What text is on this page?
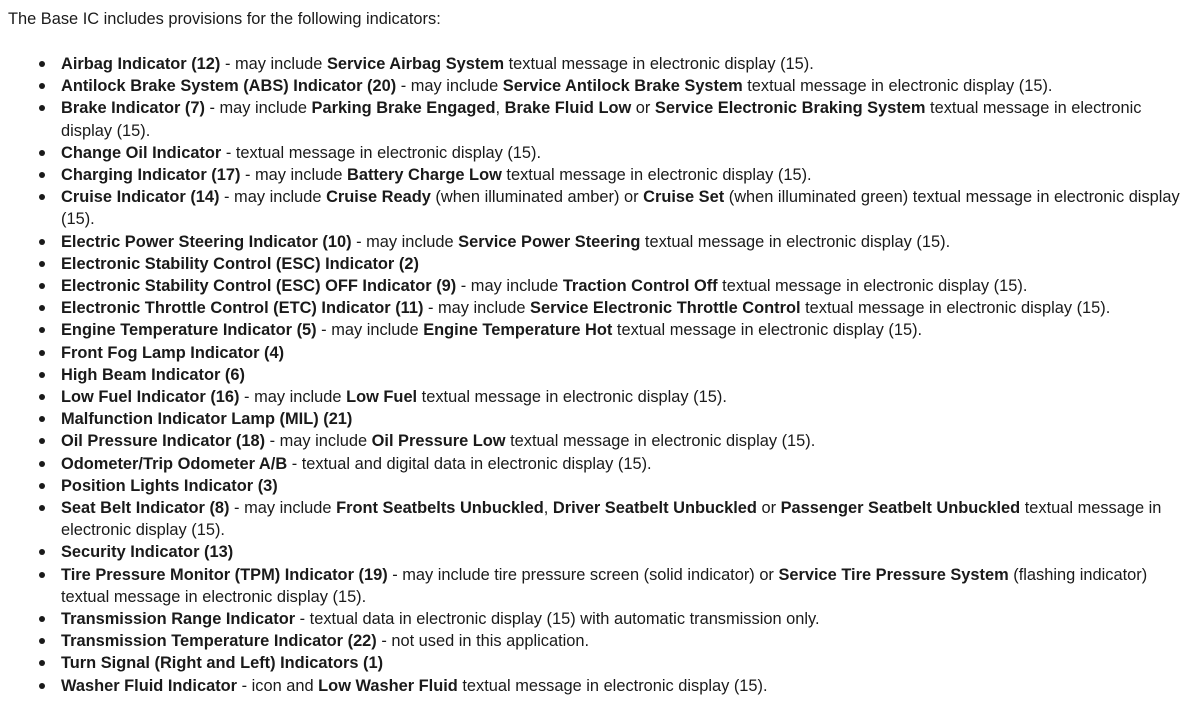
The Base IC includes provisions for the following indicators:

Airbag Indicator (12) - may include Service Airbag System textual message in electronic display (15).
Antilock Brake System (ABS) Indicator (20) - may include Service Antilock Brake System textual message in electronic display (15).
Brake Indicator (7) - may include Parking Brake Engaged, Brake Fluid Low or Service Electronic Braking System textual message in electronic display (15).
Change Oil Indicator - textual message in electronic display (15).
Charging Indicator (17) - may include Battery Charge Low textual message in electronic display (15).
Cruise Indicator (14) - may include Cruise Ready (when illuminated amber) or Cruise Set (when illuminated green) textual message in electronic display (15).
Electric Power Steering Indicator (10) - may include Service Power Steering textual message in electronic display (15).
Electronic Stability Control (ESC) Indicator (2)
Electronic Stability Control (ESC) OFF Indicator (9) - may include Traction Control Off textual message in electronic display (15).
Electronic Throttle Control (ETC) Indicator (11) - may include Service Electronic Throttle Control textual message in electronic display (15).
Engine Temperature Indicator (5) - may include Engine Temperature Hot textual message in electronic display (15).
Front Fog Lamp Indicator (4)
High Beam Indicator (6)
Low Fuel Indicator (16) - may include Low Fuel textual message in electronic display (15).
Malfunction Indicator Lamp (MIL) (21)
Oil Pressure Indicator (18) - may include Oil Pressure Low textual message in electronic display (15).
Odometer/Trip Odometer A/B - textual and digital data in electronic display (15).
Position Lights Indicator (3)
Seat Belt Indicator (8) - may include Front Seatbelts Unbuckled, Driver Seatbelt Unbuckled or Passenger Seatbelt Unbuckled textual message in electronic display (15).
Security Indicator (13)
Tire Pressure Monitor (TPM) Indicator (19) - may include tire pressure screen (solid indicator) or Service Tire Pressure System (flashing indicator) textual message in electronic display (15).
Transmission Range Indicator - textual data in electronic display (15) with automatic transmission only.
Transmission Temperature Indicator (22) - not used in this application.
Turn Signal (Right and Left) Indicators (1)
Washer Fluid Indicator - icon and Low Washer Fluid textual message in electronic display (15).
